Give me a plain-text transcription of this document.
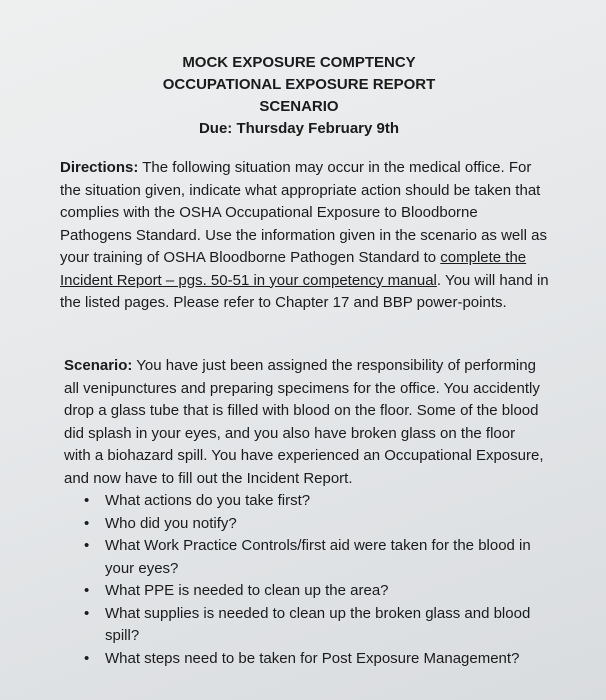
MOCK EXPOSURE COMPTENCY
OCCUPATIONAL EXPOSURE REPORT
SCENARIO
Due: Thursday February 9th
Directions: The following situation may occur in the medical office. For the situation given, indicate what appropriate action should be taken that complies with the OSHA Occupational Exposure to Bloodborne Pathogens Standard. Use the information given in the scenario as well as your training of OSHA Bloodborne Pathogen Standard to complete the Incident Report – pgs. 50-51 in your competency manual. You will hand in the listed pages. Please refer to Chapter 17 and BBP power-points.
Scenario: You have just been assigned the responsibility of performing all venipunctures and preparing specimens for the office. You accidently drop a glass tube that is filled with blood on the floor. Some of the blood did splash in your eyes, and you also have broken glass on the floor with a biohazard spill. You have experienced an Occupational Exposure, and now have to fill out the Incident Report.
• What actions do you take first?
• Who did you notify?
• What Work Practice Controls/first aid were taken for the blood in your eyes?
• What PPE is needed to clean up the area?
• What supplies is needed to clean up the broken glass and blood spill?
• What steps need to be taken for Post Exposure Management?
